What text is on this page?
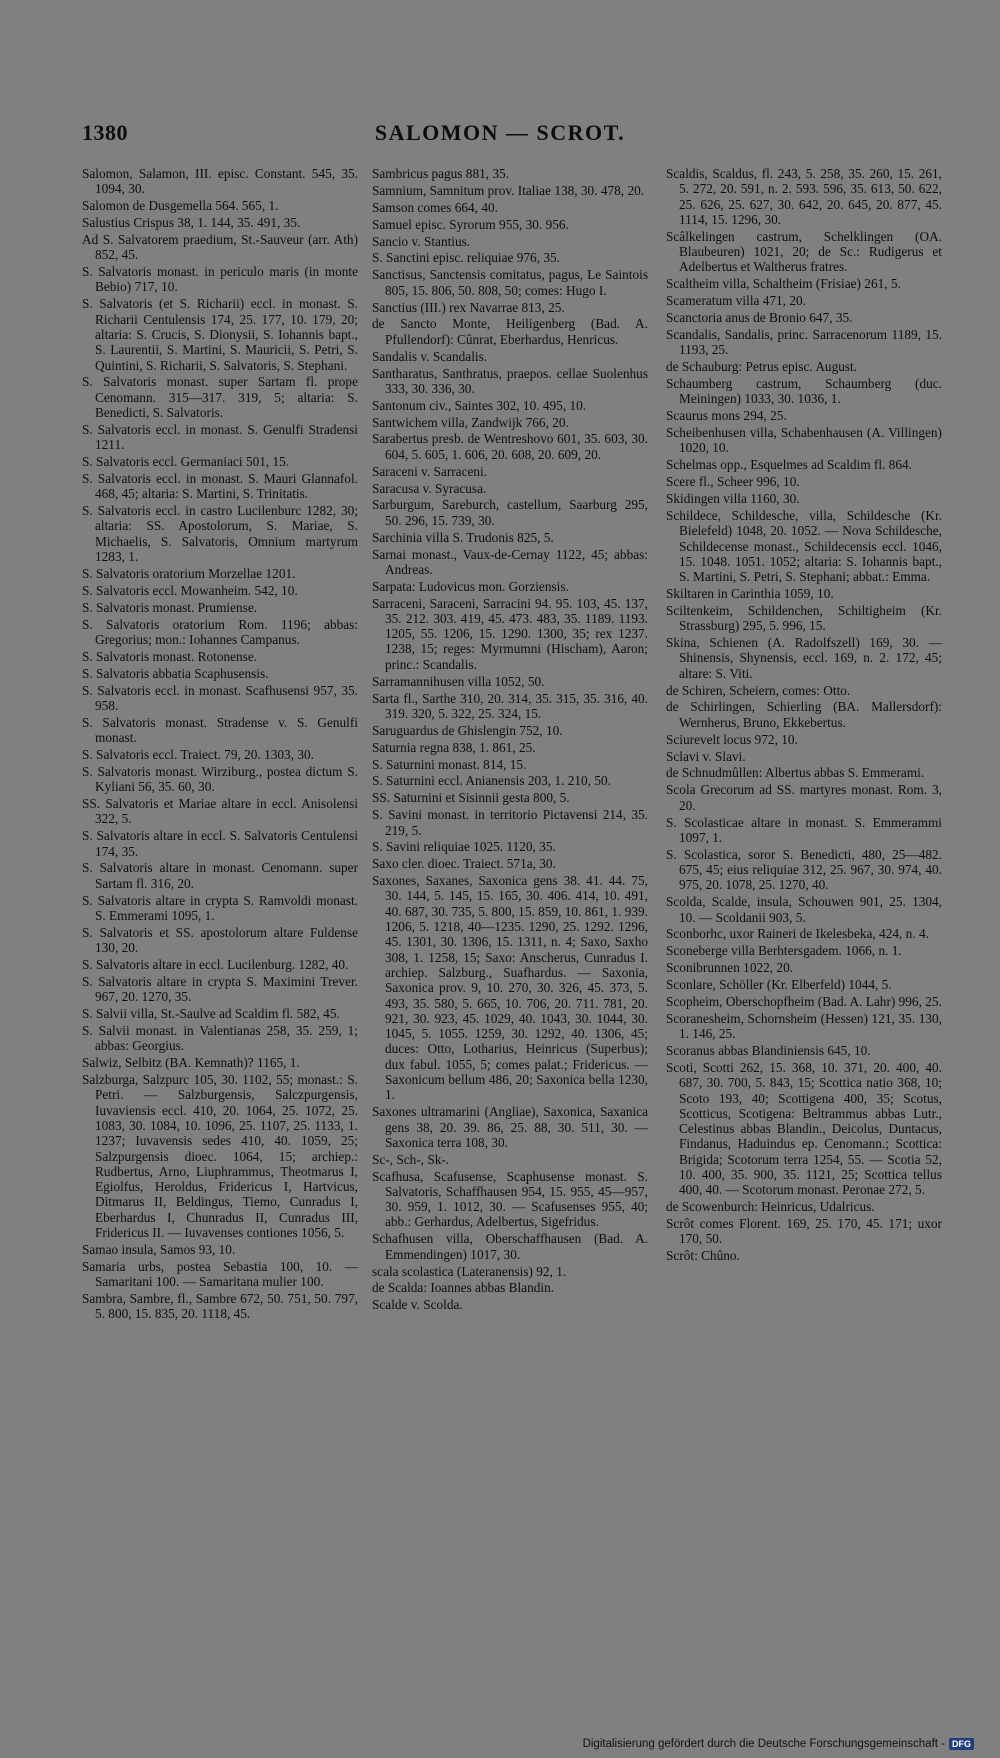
1380	SALOMON — SCROT.

Salomon, Salamon, III. episc. Constant. 545, 35. 1094, 30.

Salomon de Dusgemella 564. 565, 1.

Salustius Crispus 38, 1. 144, 35. 491, 35.

Ad S. Salvatorem praedium, St.-Sauveur (arr. Ath) 852, 45.

S. Salvatoris monast. in periculo maris (in monte Bebio) 717, 10.

S. Salvatoris (et S. Richarii) eccl. in monast. S. Richarii Centulensis 174, 25. 177, 10. 179, 20; altaria: S. Crucis, S. Dionysii, S. Iohannis bapt., S. Laurentii, S. Martini, S. Mauricii, S. Petri, S. Quintini, S. Richarii, S. Salvatoris, S. Stephani.

S. Salvatoris monast. super Sartam fl. prope Cenomann. 315—317. 319, 5; altaria: S. Benedicti, S. Salvatoris.

S. Salvatoris eccl. in monast. S. Genulfi Stradensi 1211.

S. Salvatoris eccl. Germaniaci 501, 15.

S. Salvatoris eccl. in monast. S. Mauri Glannafol. 468, 45; altaria: S. Martini, S. Trinitatis.

S. Salvatoris eccl. in castro Lucilenburc 1282, 30; altaria: SS. Apostolorum, S. Mariae, S. Michaelis, S. Salvatoris, Omnium martyrum 1283, 1.

S. Salvatoris oratorium Morzellae 1201.

S. Salvatoris eccl. Mowanheim. 542, 10.

S. Salvatoris monast. Prumiense.

S. Salvatoris oratorium Rom. 1196; abbas: Gregorius; mon.: Iohannes Campanus.

S. Salvatoris monast. Rotonense.

S. Salvatoris abbatia Scaphusensis.

S. Salvatoris eccl. in monast. Scafhusensi 957, 35. 958.

S. Salvatoris monast. Stradense v. S. Genulfi monast.

S. Salvatoris eccl. Traiect. 79, 20. 1303, 30.

S. Salvatoris monast. Wirziburg., postea dictum S. Kyliani 56, 35. 60, 30.

SS. Salvatoris et Mariae altare in eccl. Anisolensi 322, 5.

S. Salvatoris altare in eccl. S. Salvatoris Centulensi 174, 35.

S. Salvatoris altare in monast. Cenomann. super Sartam fl. 316, 20.

S. Salvatoris altare in crypta S. Ramvoldi monast. S. Emmerami 1095, 1.

S. Salvatoris et SS. apostolorum altare Fuldense 130, 20.

S. Salvatoris altare in eccl. Lucilenburg. 1282, 40.

S. Salvatoris altare in crypta S. Maximini Trever. 967, 20. 1270, 35.

S. Salvii villa, St.-Saulve ad Scaldim fl. 582, 45.

S. Salvii monast. in Valentianas 258, 35. 259, 1; abbas: Georgius.

Salwiz, Selbitz (BA. Kemnath)? 1165, 1.

Salzburga, Salzpurc 105, 30. 1102, 55; monast.: S. Petri. — Salzburgensis, Salczpurgensis, Iuvaviensis eccl. 410, 20. 1064, 25. 1072, 25. 1083, 30. 1084, 10. 1096, 25. 1107, 25. 1133, 1. 1237; Iuvavensis sedes 410, 40. 1059, 25; Salzpurgensis dioec. 1064, 15; archiep.: Rudbertus, Arno, Liuphrammus, Theotmarus I, Egiolfus, Heroldus, Fridericus I, Hartvicus, Ditmarus II, Beldingus, Tiemo, Cunradus I, Eberhardus I, Chunradus II, Cunradus III, Fridericus II. — Iuvavenses contiones 1056, 5.

Samao insula, Samos 93, 10.

Samaria urbs, postea Sebastia 100, 10. — Samaritani 100. — Samaritana mulier 100.

Sambra, Sambre, fl., Sambre 672, 50. 751, 50. 797, 5. 800, 15. 835, 20. 1118, 45.

Sambricus pagus 881, 35.

Samnium, Samnitum prov. Italiae 138, 30. 478, 20.

Samson comes 664, 40.

Samuel episc. Syrorum 955, 30. 956.

Sancio v. Stantius.

S. Sanctini episc. reliquiae 976, 35.

Sanctisus, Sanctensis comitatus, pagus, Le Saintois 805, 15. 806, 50. 808, 50; comes: Hugo I.

Sanctius (III.) rex Navarrae 813, 25.

de Sancto Monte, Heiligenberg (Bad. A. Pfullendorf): Cûnrat, Eberhardus, Henricus.

Sandalis v. Scandalis.

Santharatus, Santhratus, praepos. cellae Suolenhus 333, 30. 336, 30.

Santonum civ., Saintes 302, 10. 495, 10.

Santwichem villa, Zandwijk 766, 20.

Sarabertus presb. de Wentreshovo 601, 35. 603, 30. 604, 5. 605, 1. 606, 20. 608, 20. 609, 20.

Saraceni v. Sarraceni.

Saracusa v. Syracusa.

Sarburgum, Sareburch, castellum, Saarburg 295, 50. 296, 15. 739, 30.

Sarchinia villa S. Trudonis 825, 5.

Sarnai monast., Vaux-de-Cernay 1122, 45; abbas: Andreas.

Sarpata: Ludovicus mon. Gorziensis.

Sarraceni, Saraceni, Sarracini 94. 95. 103, 45. 137, 35. 212. 303. 419, 45. 473. 483, 35. 1189. 1193. 1205, 55. 1206, 15. 1290. 1300, 35; rex 1237. 1238, 15; reges: Myrmumni (Hischam), Aaron; princ.: Scandalis.

Sarramannihusen villa 1052, 50.

Sarta fl., Sarthe 310, 20. 314, 35. 315, 35. 316, 40. 319. 320, 5. 322, 25. 324, 15.

Saruguardus de Ghislengin 752, 10.

Saturnia regna 838, 1. 861, 25.

S. Saturnini monast. 814, 15.

S. Saturnini eccl. Anianensis 203, 1. 210, 50.

SS. Saturnini et Sisinnii gesta 800, 5.

S. Savini monast. in territorio Pictavensi 214, 35. 219, 5.

S. Savini reliquiae 1025. 1120, 35.

Saxo cler. dioec. Traiect. 571a, 30.

Saxones, Saxanes, Saxonica gens 38. 41. 44. 75, 30. 144, 5. 145, 15. 165, 30. 406. 414, 10. 491, 40. 687, 30. 735, 5. 800, 15. 859, 10. 861, 1. 939. 1206, 5. 1218, 40—1235. 1290, 25. 1292. 1296, 45. 1301, 30. 1306, 15. 1311, n. 4; Saxo, Saxho 308, 1. 1258, 15; Saxo: Anscherus, Cunradus I. archiep. Salzburg., Suafhardus. — Saxonia, Saxonica prov. 9, 10. 270, 30. 326, 45. 373, 5. 493, 35. 580, 5. 665, 10. 706, 20. 711. 781, 20. 921, 30. 923, 45. 1029, 40. 1043, 30. 1044, 30. 1045, 5. 1055. 1259, 30. 1292, 40. 1306, 45; duces: Otto, Lotharius, Heinricus (Superbus); dux fabul. 1055, 5; comes palat.; Fridericus. — Saxonicum bellum 486, 20; Saxonica bella 1230, 1.

Saxones ultramarini (Angliae), Saxonica, Saxanica gens 38, 20. 39. 86, 25. 88, 30. 511, 30. — Saxonica terra 108, 30.

Sc-, Sch-, Sk-.

Scafhusa, Scafusense, Scaphusense monast. S. Salvatoris, Schaffhausen 954, 15. 955, 45—957, 30. 959, 1. 1012, 30. — Scafusenses 955, 40; abb.: Gerhardus, Adelbertus, Sigefridus.

Schafhusen villa, Oberschaffhausen (Bad. A. Emmendingen) 1017, 30.

scala scolastica (Lateranensis) 92, 1.

de Scalda: Ioannes abbas Blandin.

Scalde v. Scolda.

Scaldis, Scaldus, fl. 243, 5. 258, 35. 260, 15. 261, 5. 272, 20. 591, n. 2. 593. 596, 35. 613, 50. 622, 25. 626, 25. 627, 30. 642, 20. 645, 20. 877, 45. 1114, 15. 1296, 30.

Scâlkelingen castrum, Schelklingen (OA. Blaubeuren) 1021, 20; de Sc.: Rudigerus et Adelbertus et Waltherus fratres.

Scaltheim villa, Schaltheim (Frisiae) 261, 5.

Scameratum villa 471, 20.

Scanctoria anus de Bronio 647, 35.

Scandalis, Sandalis, princ. Sarracenorum 1189, 15. 1193, 25.

de Schauburg: Petrus episc. August.

Schaumberg castrum, Schaumberg (duc. Meiningen) 1033, 30. 1036, 1.

Scaurus mons 294, 25.

Scheibenhusen villa, Schabenhausen (A. Villingen) 1020, 10.

Schelmas opp., Esquelmes ad Scaldim fl. 864.

Scere fl., Scheer 996, 10.

Skidingen villa 1160, 30.

Schildece, Schildesche, villa, Schildesche (Kr. Bielefeld) 1048, 20. 1052. — Nova Schildesche, Schildecense monast., Schildecensis eccl. 1046, 15. 1048. 1051. 1052; altaria: S. Iohannis bapt., S. Martini, S. Petri, S. Stephani; abbat.: Emma.

Skiltaren in Carinthia 1059, 10.

Sciltenkeim, Schildenchen, Schiltigheim (Kr. Strassburg) 295, 5. 996, 15.

Skina, Schienen (A. Radolfszell) 169, 30. — Shinensis, Shynensis, eccl. 169, n. 2. 172, 45; altare: S. Viti.

de Schiren, Scheiern, comes: Otto.

de Schirlingen, Schierling (BA. Mallersdorf): Wernherus, Bruno, Ekkebertus.

Sciurevelt locus 972, 10.

Sclavi v. Slavi.

de Schnudmûllen: Albertus abbas S. Emmerami.

Scola Grecorum ad SS. martyres monast. Rom. 3, 20.

S. Scolasticae altare in monast. S. Emmerammi 1097, 1.

S. Scolastica, soror S. Benedicti, 480, 25—482. 675, 45; eius reliquiae 312, 25. 967, 30. 974, 40. 975, 20. 1078, 25. 1270, 40.

Scolda, Scalde, insula, Schouwen 901, 25. 1304, 10. — Scoldanii 903, 5.

Sconborhc, uxor Raineri de Ikelesbeka, 424, n. 4.

Sconeberge villa Berhtersgadem. 1066, n. 1.

Sconibrunnen 1022, 20.

Sconlare, Schöller (Kr. Elberfeld) 1044, 5.

Scopheim, Oberschopfheim (Bad. A. Lahr) 996, 25.

Scoranesheim, Schornsheim (Hessen) 121, 35. 130, 1. 146, 25.

Scoranus abbas Blandiniensis 645, 10.

Scoti, Scotti 262, 15. 368, 10. 371, 20. 400, 40. 687, 30. 700, 5. 843, 15; Scottica natio 368, 10; Scoto 193, 40; Scottigena 400, 35; Scotus, Scotticus, Scotigena: Beltrammus abbas Lutr., Celestinus abbas Blandin., Deicolus, Duntacus, Findanus, Haduindus ep. Cenomann.; Scottica: Brigida; Scotorum terra 1254, 55. — Scotia 52, 10. 400, 35. 900, 35. 1121, 25; Scottica tellus 400, 40. — Scotorum monast. Peronae 272, 5.

de Scowenburch: Heinricus, Udalricus.

Scrôt comes Florent. 169, 25. 170, 45. 171; uxor 170, 50.

Scrôt: Chûno.

Digitalisierung gefördert durch die Deutsche Forschungsgemeinschaft - DFG
